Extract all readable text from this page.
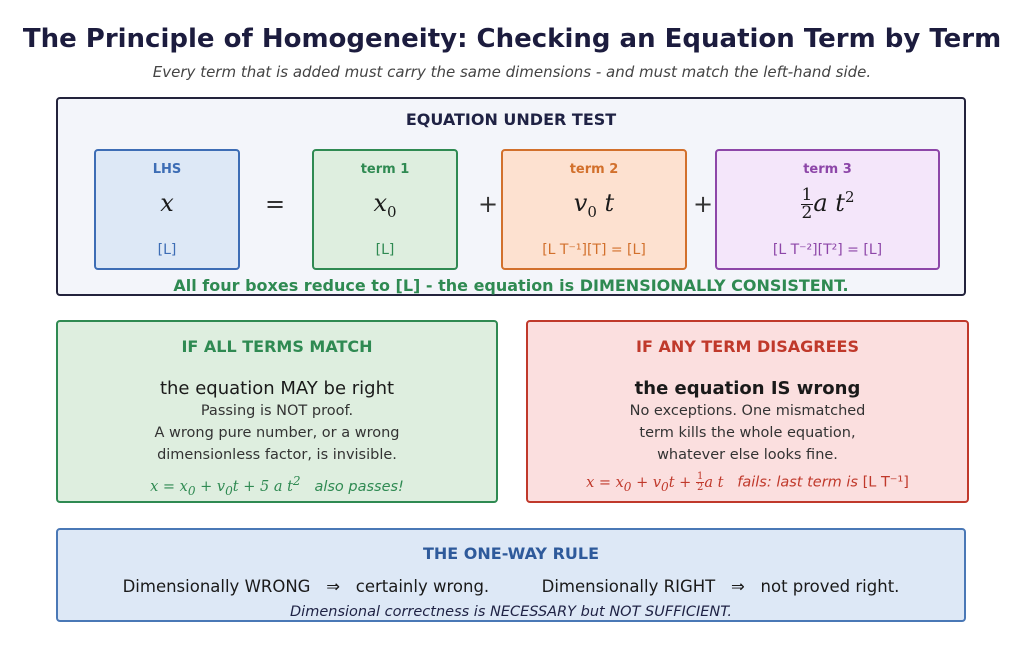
The Principle of Homogeneity: Checking an Equation Term by Term
Every term that is added must carry the same dimensions - and must match the left-hand side.
EQUATION UNDER TEST
LHS
x
[L]
=
term 1
$x_0$
[L]
+
term 2
$v_0$ t
[L T⁻¹][T] = [L]
+
term 3
$\frac{1}{2}$ a $t^2$
[L T⁻²][T²] = [L]
All four boxes reduce to [L] - the equation is DIMENSIONALLY CONSISTENT.
IF ALL TERMS MATCH
the equation MAY be right
Passing is NOT proof.
A wrong pure number, or a wrong
dimensionless factor, is invisible.
$x = x_0 + v_0t + 5$ a $t^2$ also passes!
IF ANY TERM DISAGREES
the equation IS wrong
No exceptions. One mismatched
term kills the whole equation,
whatever else looks fine.
$x = x_0 + v_0t + \frac{1}{2}$ a t fails: last term is [L T⁻¹]
THE ONE-WAY RULE
Dimensionally WRONG   ⇒   certainly wrong.          Dimensionally RIGHT   ⇒   not proved right.
Dimensional correctness is NECESSARY but NOT SUFFICIENT.
